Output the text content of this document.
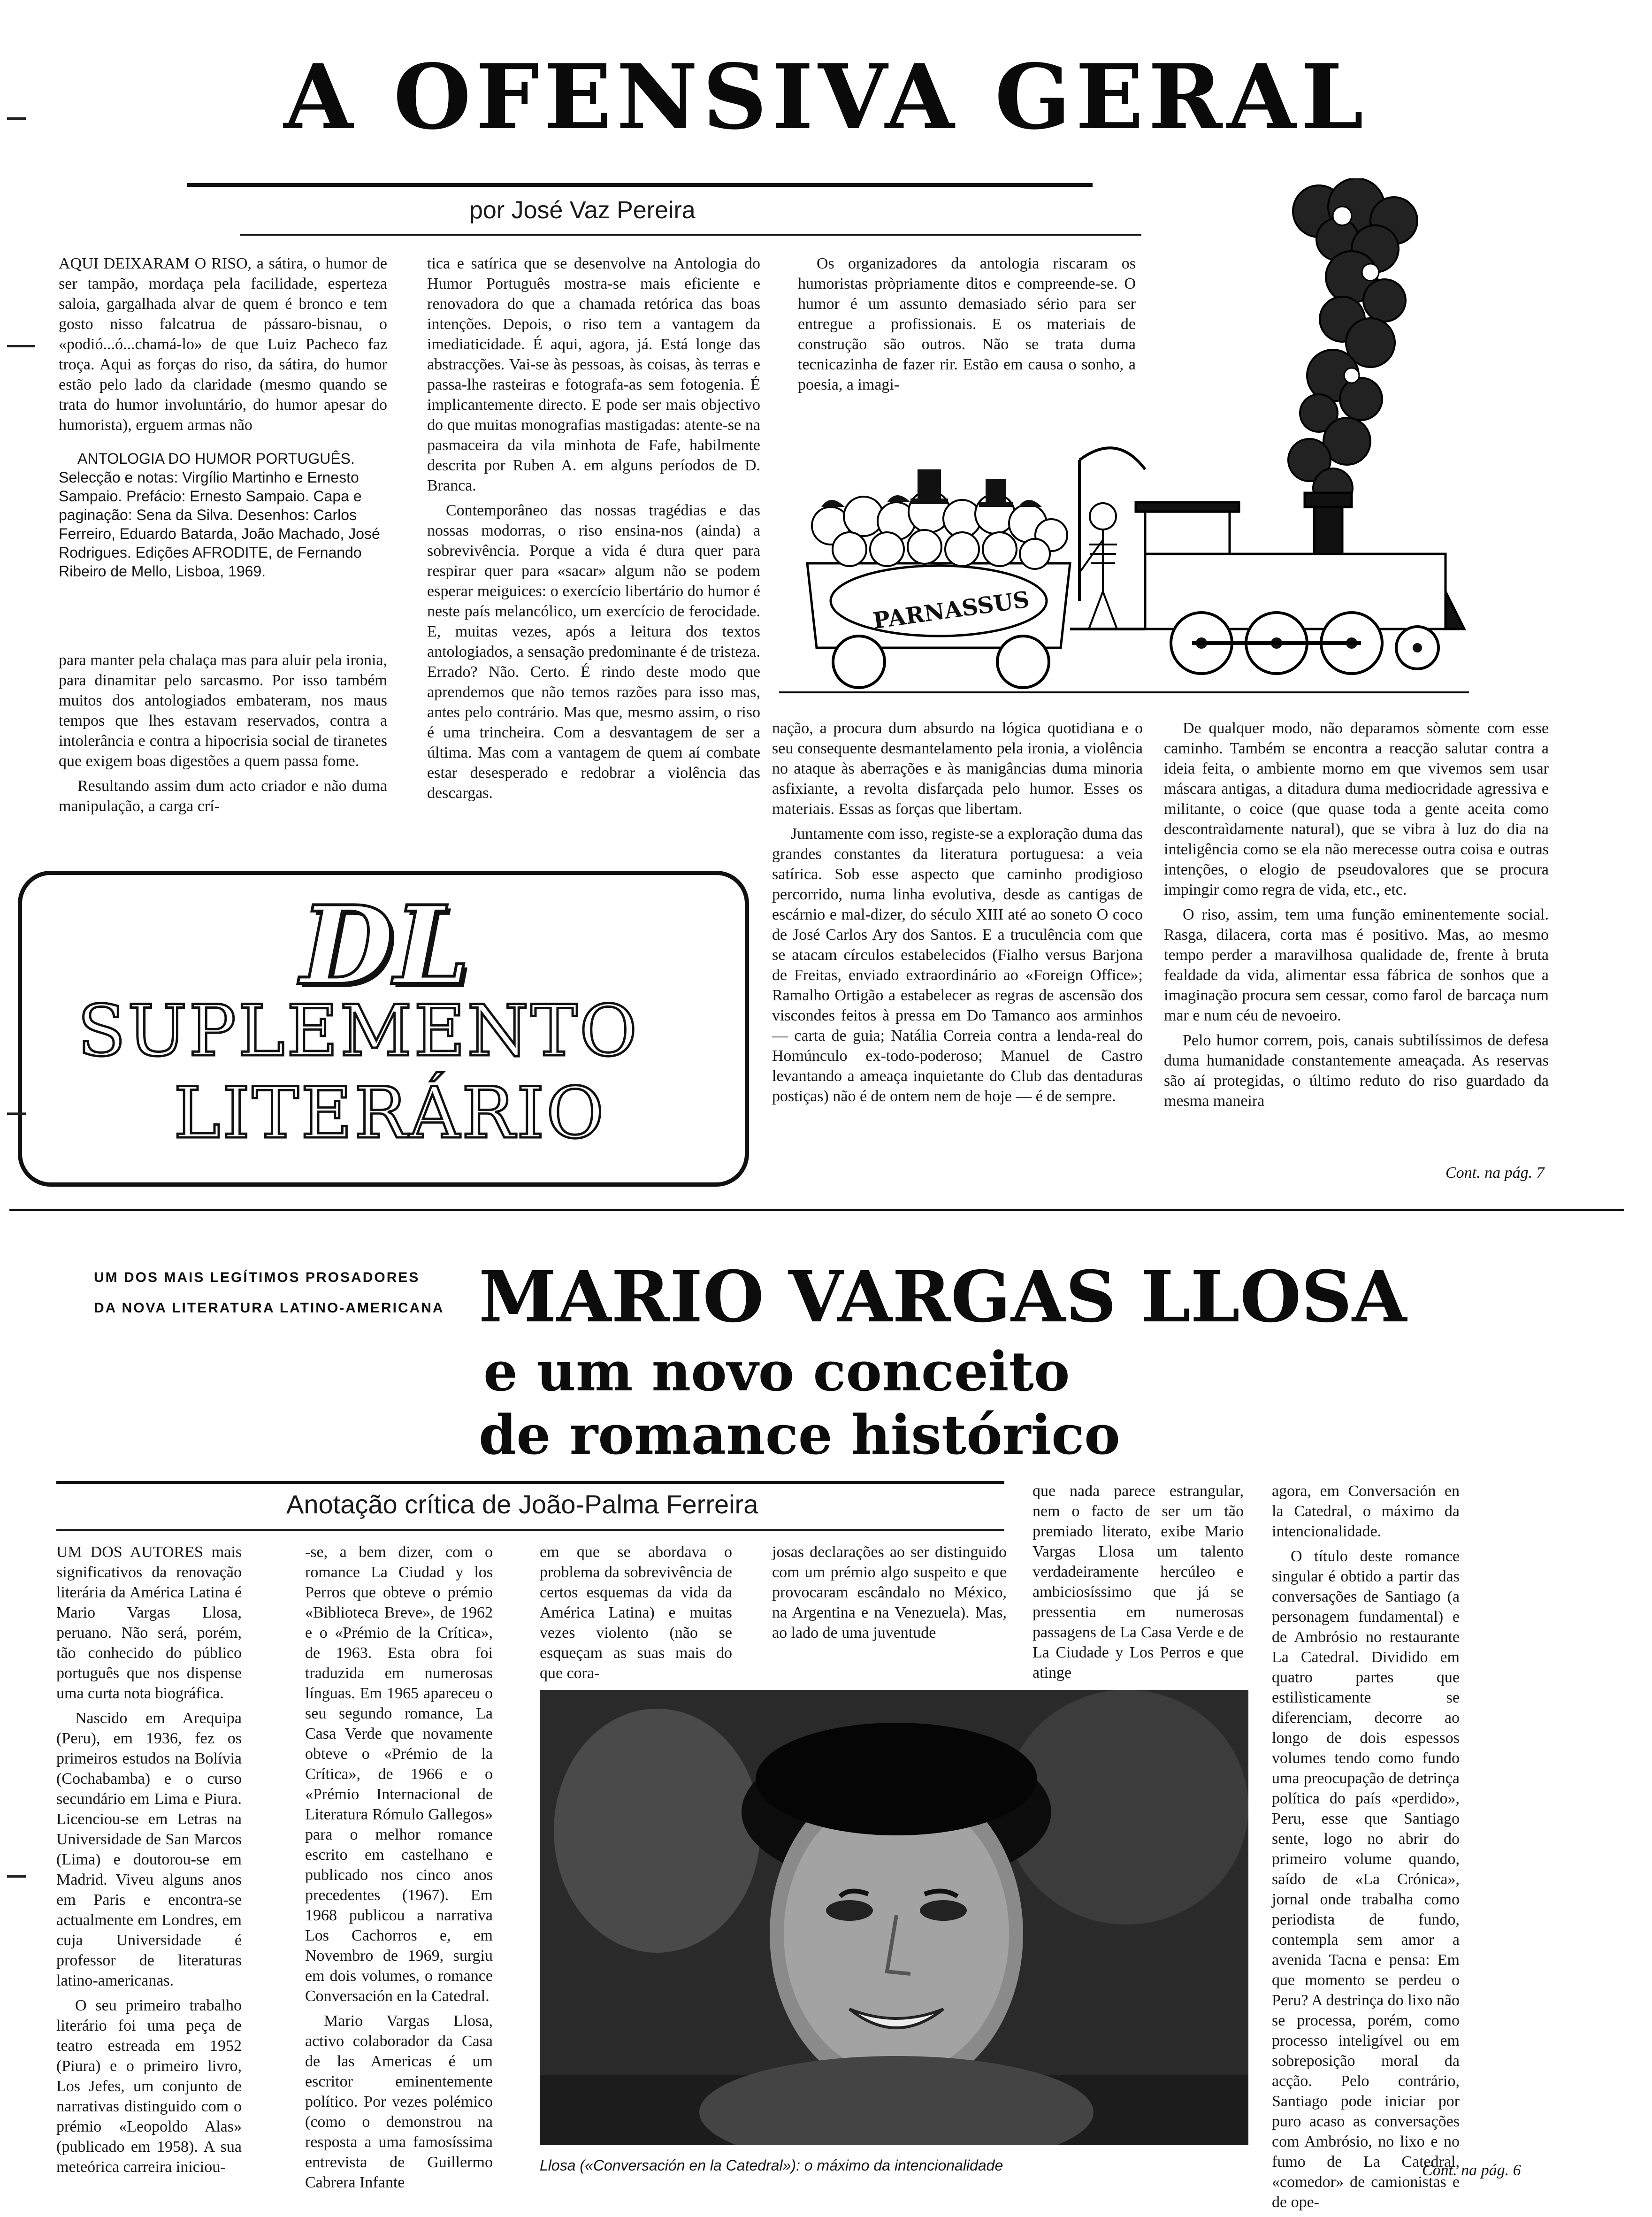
A OFENSIVA GERAL
por José Vaz Pereira

AQUI DEIXARAM O RISO, a sátira, o humor de ser tampão, mordaça pela facilidade, esperteza saloia, gargalhada alvar de quem é bronco e tem gosto nisso falcatrua de pássaro-bisnau, o «podió...ó...chamá-lo» de que Luiz Pacheco faz troça. Aqui as forças do riso, da sátira, do humor estão pelo lado da claridade (mesmo quando se trata do humor involuntário, do humor apesar do humorista), erguem armas não

ANTOLOGIA DO HUMOR PORTUGUÊS. Selecção e notas: Virgílio Martinho e Ernesto Sampaio. Prefácio: Ernesto Sampaio. Capa e paginação: Sena da Silva. Desenhos: Carlos Ferreiro, Eduardo Batarda, João Machado, José Rodrigues. Edições AFRODITE, de Fernando Ribeiro de Mello, Lisboa, 1969.

para manter pela chalaça mas para aluir pela ironia, para dinamitar pelo sarcasmo. Por isso também muitos dos antologiados embateram, nos maus tempos que lhes estavam reservados, contra a intolerância e contra a hipocrisia social de tiranetes que exigem boas digestões a quem passa fome.

Resultando assim dum acto criador e não duma manipulação, a carga crí-

tica e satírica que se desenvolve na Antologia do Humor Português mostra-se mais eficiente e renovadora do que a chamada retórica das boas intenções. Depois, o riso tem a vantagem da imediaticidade. É aqui, agora, já. Está longe das abstracções. Vai-se às pessoas, às coisas, às terras e passa-lhe rasteiras e fotografa-as sem fotogenia. É implicantemente directo. E pode ser mais objectivo do que muitas monografias mastigadas: atente-se na pasmaceira da vila minhota de Fafe, habilmente descrita por Ruben A. em alguns períodos de D. Branca.

Contemporâneo das nossas tragédias e das nossas modorras, o riso ensina-nos (ainda) a sobrevivência. Porque a vida é dura quer para respirar quer para «sacar» algum não se podem esperar meiguices: o exercício libertário do humor é neste país melancólico, um exercício de ferocidade. E, muitas vezes, após a leitura dos textos antologiados, a sensação predominante é de tristeza. Errado? Não. Certo. É rindo deste modo que aprendemos que não temos razões para isso mas, antes pelo contrário. Mas que, mesmo assim, o riso é uma trincheira. Com a desvantagem de ser a última. Mas com a vantagem de quem aí combate estar desesperado e redobrar a violência das descargas.

Os organizadores da antologia riscaram os humoristas pròpriamente ditos e compreende-se. O humor é um assunto demasiado sério para ser entregue a profissionais. E os materiais de construção são outros. Não se trata duma tecnicazinha de fazer rir. Estão em causa o sonho, a poesia, a imagi-

PARNASSUS

nação, a procura dum absurdo na lógica quotidiana e o seu consequente desmantelamento pela ironia, a violência no ataque às aberrações e às manigâncias duma minoria asfixiante, a revolta disfarçada pelo humor. Esses os materiais. Essas as forças que libertam.

Juntamente com isso, registe-se a exploração duma das grandes constantes da literatura portuguesa: a veia satírica. Sob esse aspecto que caminho prodigioso percorrido, numa linha evolutiva, desde as cantigas de escárnio e mal-dizer, do século XIII até ao soneto O coco de José Carlos Ary dos Santos. E a truculência com que se atacam círculos estabelecidos (Fialho versus Barjona de Freitas, enviado extraordinário ao «Foreign Office»; Ramalho Ortigão a estabelecer as regras de ascensão dos viscondes feitos à pressa em Do Tamanco aos arminhos — carta de guia; Natália Correia contra a lenda-real do Homúnculo ex-todo-poderoso; Manuel de Castro levantando a ameaça inquietante do Club das dentaduras postiças) não é de ontem nem de hoje — é de sempre.

De qualquer modo, não deparamos sòmente com esse caminho. Também se encontra a reacção salutar contra a ideia feita, o ambiente morno em que vivemos sem usar máscara antigas, a ditadura duma mediocridade agressiva e militante, o coice (que quase toda a gente aceita como descontraìdamente natural), que se vibra à luz do dia na inteligência como se ela não merecesse outra coisa e outras intenções, o elogio de pseudovalores que se procura impingir como regra de vida, etc., etc.

O riso, assim, tem uma função eminentemente social. Rasga, dilacera, corta mas é positivo. Mas, ao mesmo tempo perder a maravilhosa qualidade de, frente à bruta fealdade da vida, alimentar essa fábrica de sonhos que a imaginação procura sem cessar, como farol de barcaça num mar e num céu de nevoeiro.

Pelo humor correm, pois, canais subtilíssimos de defesa duma humanidade constantemente ameaçada. As reservas são aí protegidas, o último reduto do riso guardado da mesma maneira

Cont. na pág. 7
DL
SUPLEMENTO
LITERÁRIO
UM DOS MAIS LEGÍTIMOS PROSADORES
DA NOVA LITERATURA LATINO-AMERICANA MARIO VARGAS LLOSA
e um novo conceito
de romance histórico
Anotação crítica de João-Palma Ferreira

UM DOS AUTORES mais significativos da renovação literária da América Latina é Mario Vargas Llosa, peruano. Não será, porém, tão conhecido do público português que nos dispense uma curta nota biográfica.

Nascido em Arequipa (Peru), em 1936, fez os primeiros estudos na Bolívia (Cochabamba) e o curso secundário em Lima e Piura. Licenciou-se em Letras na Universidade de San Marcos (Lima) e doutorou-se em Madrid. Viveu alguns anos em Paris e encontra-se actualmente em Londres, em cuja Universidade é professor de literaturas latino-americanas.

O seu primeiro trabalho literário foi uma peça de teatro estreada em 1952 (Piura) e o primeiro livro, Los Jefes, um conjunto de narrativas distinguido com o prémio «Leopoldo Alas» (publicado em 1958). A sua meteórica carreira iniciou-

-se, a bem dizer, com o romance La Ciudad y los Perros que obteve o prémio «Biblioteca Breve», de 1962 e o «Prémio de la Crítica», de 1963. Esta obra foi traduzida em numerosas línguas. Em 1965 apareceu o seu segundo romance, La Casa Verde que novamente obteve o «Prémio de la Crítica», de 1966 e o «Prémio Internacional de Literatura Rómulo Gallegos» para o melhor romance escrito em castelhano e publicado nos cinco anos precedentes (1967). Em 1968 publicou a narrativa Los Cachorros e, em Novembro de 1969, surgiu em dois volumes, o romance Conversación en la Catedral.

Mario Vargas Llosa, activo colaborador da Casa de las Americas é um escritor eminentemente político. Por vezes polémico (como o demonstrou na resposta a uma famosíssima entrevista de Guillermo Cabrera Infante

em que se abordava o problema da sobrevivência de certos esquemas da vida da América Latina) e muitas vezes violento (não se esqueçam as suas mais do que cora-

josas declarações ao ser distinguido com um prémio algo suspeito e que provocaram escândalo no México, na Argentina e na Venezuela). Mas, ao lado de uma juventude

que nada parece estrangular, nem o facto de ser um tão premiado literato, exibe Mario Vargas Llosa um talento verdadeiramente hercúleo e ambiciosíssimo que já se pressentia em numerosas passagens de La Casa Verde e de La Ciudade y Los Perros e que atinge

agora, em Conversación en la Catedral, o máximo da intencionalidade.

O título deste romance singular é obtido a partir das conversações de Santiago (a personagem fundamental) e de Ambrósio no restaurante La Catedral. Dividido em quatro partes que estilìsticamente se diferenciam, decorre ao longo de dois espessos volumes tendo como fundo uma preocupação de detrinça política do país «perdido», Peru, esse que Santiago sente, logo no abrir do primeiro volume quando, saído de «La Crónica», jornal onde trabalha como periodista de fundo, contempla sem amor a avenida Tacna e pensa: Em que momento se perdeu o Peru? A destrinça do lixo não se processa, porém, como processo inteligível ou em sobreposição moral da acção. Pelo contrário, Santiago pode iniciar por puro acaso as conversações com Ambrósio, no lixo e no fumo de La Catedral, «comedor» de camionistas e de ope-

Llosa («Conversación en la Catedral»): o máximo da intencionalidade	Cont. na pág. 6
